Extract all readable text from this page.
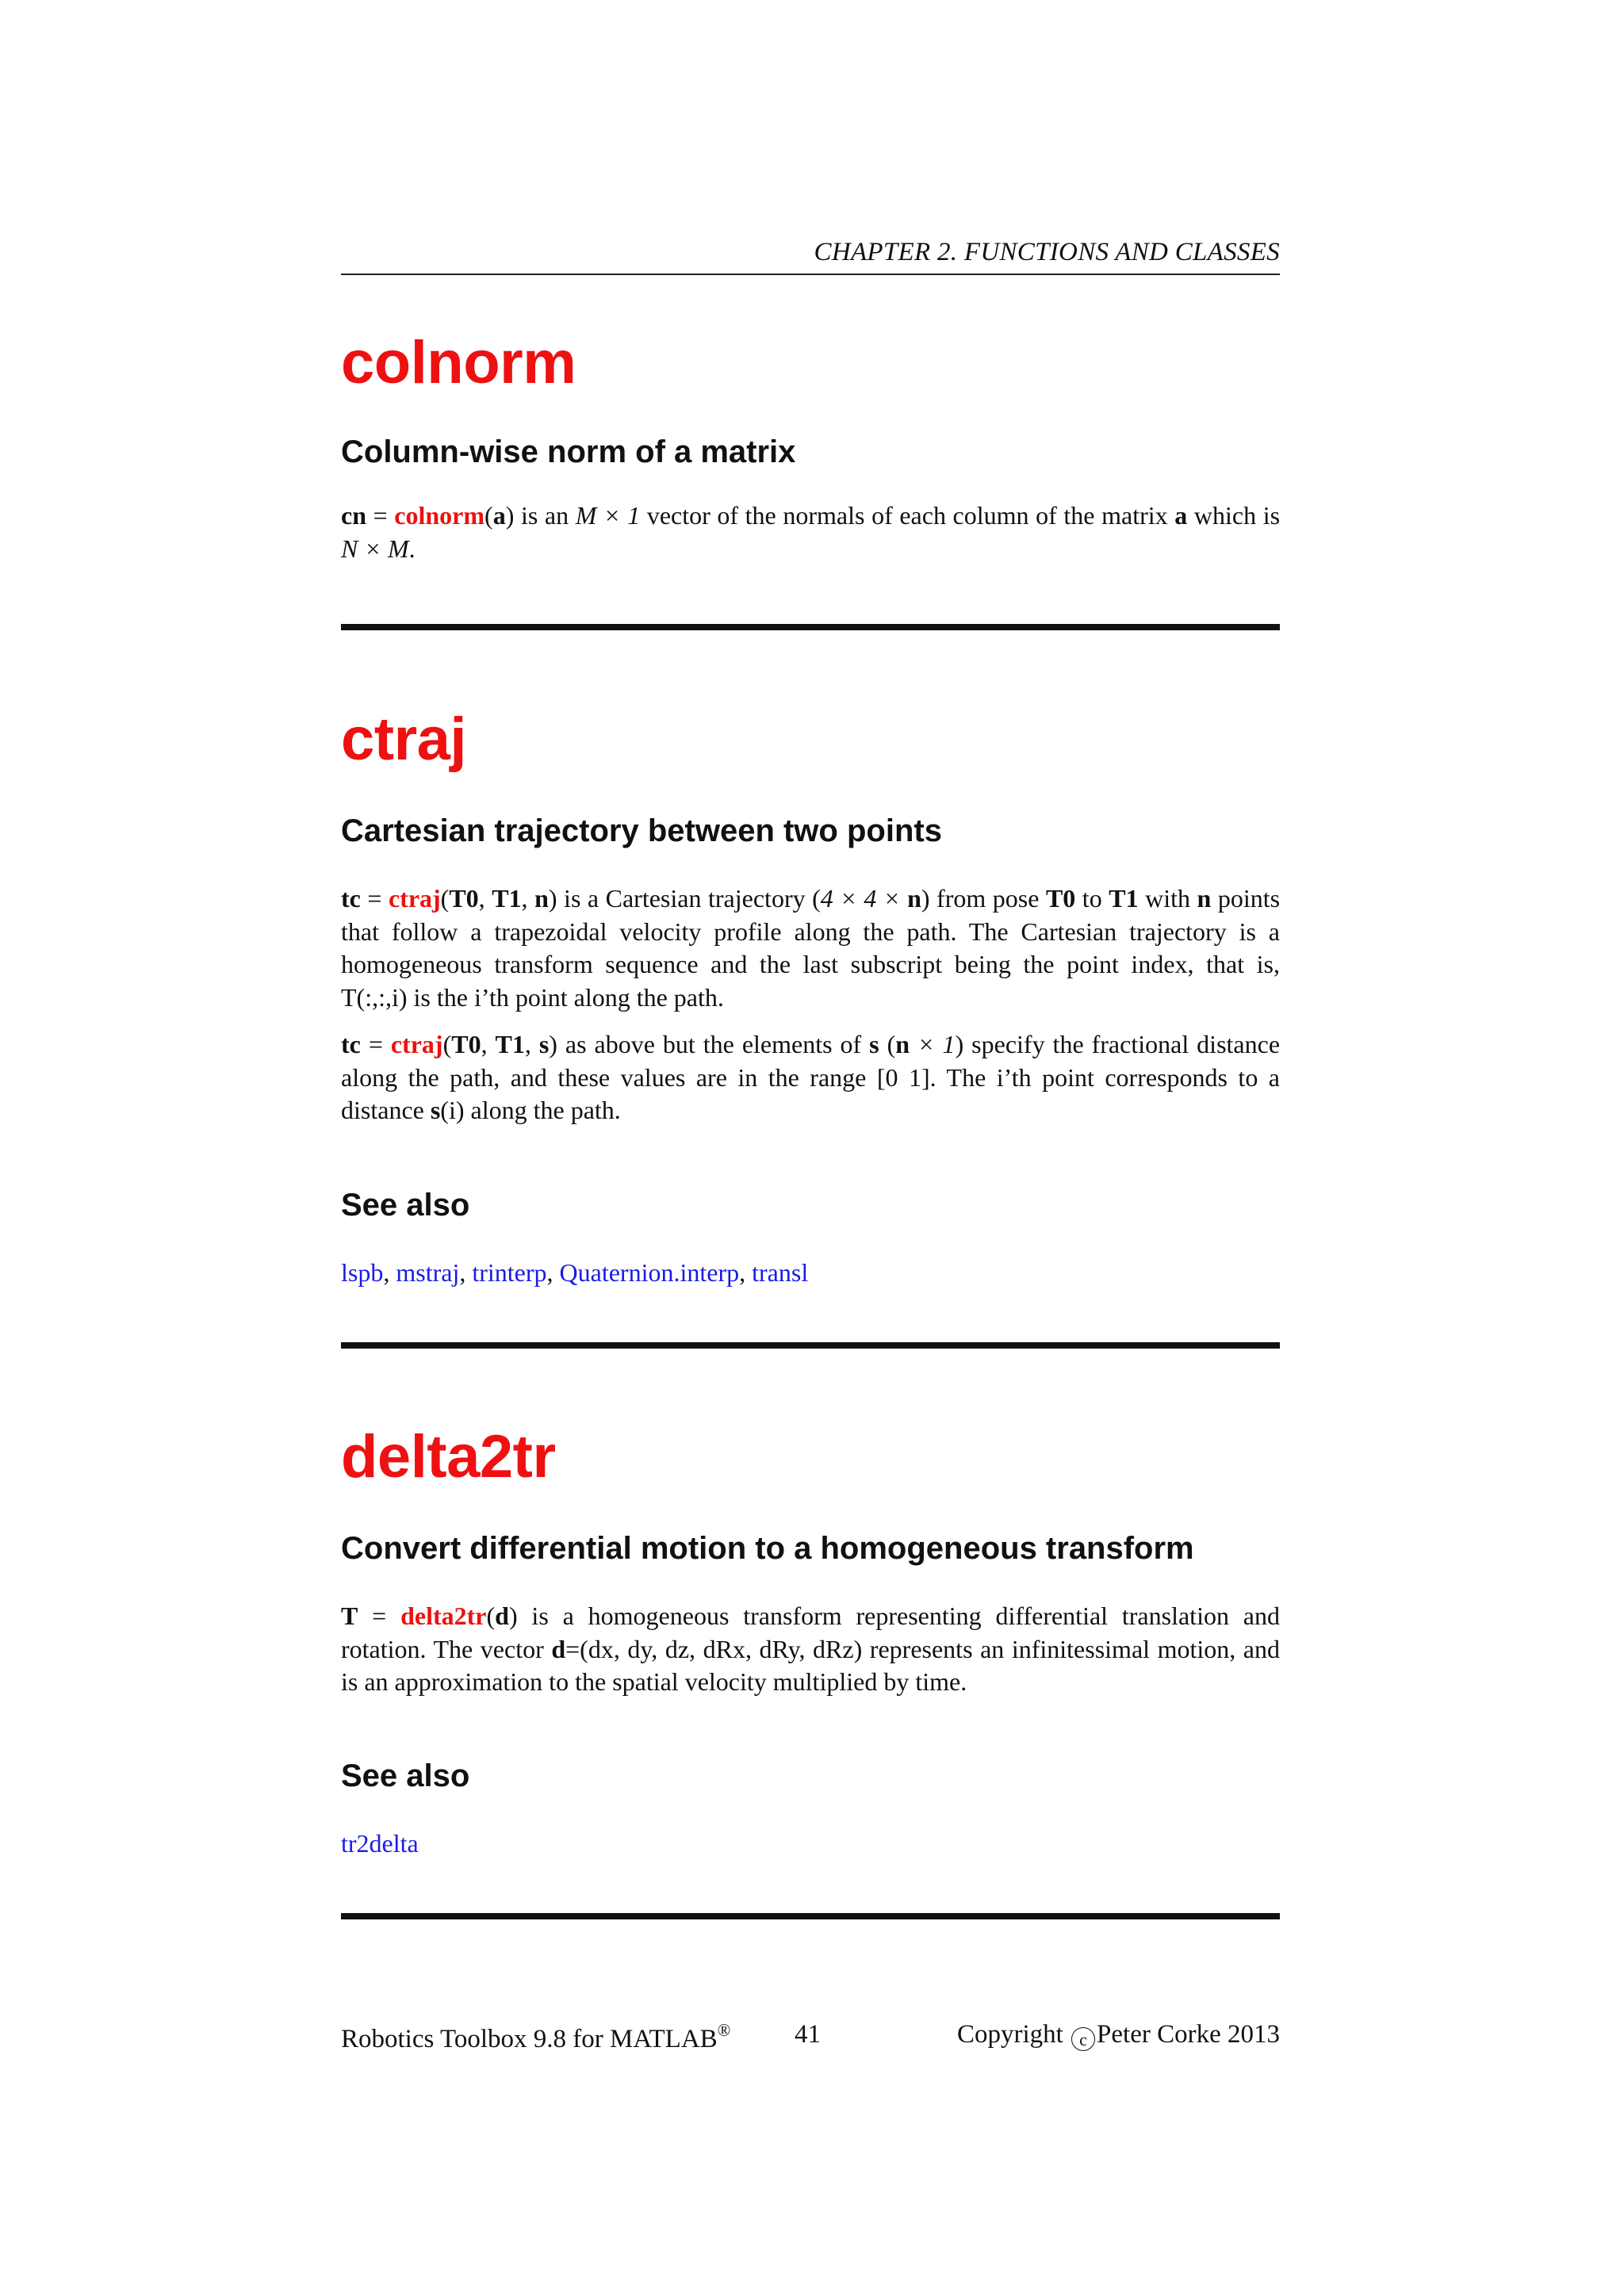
CHAPTER 2. FUNCTIONS AND CLASSES
colnorm
Column-wise norm of a matrix

cn = colnorm(a) is an M × 1 vector of the normals of each column of the matrix a which is N × M.

ctraj
Cartesian trajectory between two points

tc = ctraj(T0, T1, n) is a Cartesian trajectory (4 × 4 × n) from pose T0 to T1 with n points that follow a trapezoidal velocity profile along the path. The Cartesian trajectory is a homogeneous transform sequence and the last subscript being the point index, that is, T(:,:,i) is the i’th point along the path.

tc = ctraj(T0, T1, s) as above but the elements of s (n × 1) specify the fractional distance along the path, and these values are in the range [0 1]. The i’th point corresponds to a distance s(i) along the path.

See also
lspb, mstraj, trinterp, Quaternion.interp, transl
delta2tr
Convert differential motion to a homogeneous transform

T = delta2tr(d) is a homogeneous transform representing differential translation and rotation. The vector d=(dx, dy, dz, dRx, dRy, dRz) represents an infinitessimal motion, and is an approximation to the spatial velocity multiplied by time.

See also
tr2delta
Robotics Toolbox 9.8 for MATLAB® 41	Copyright c Peter Corke 2013
